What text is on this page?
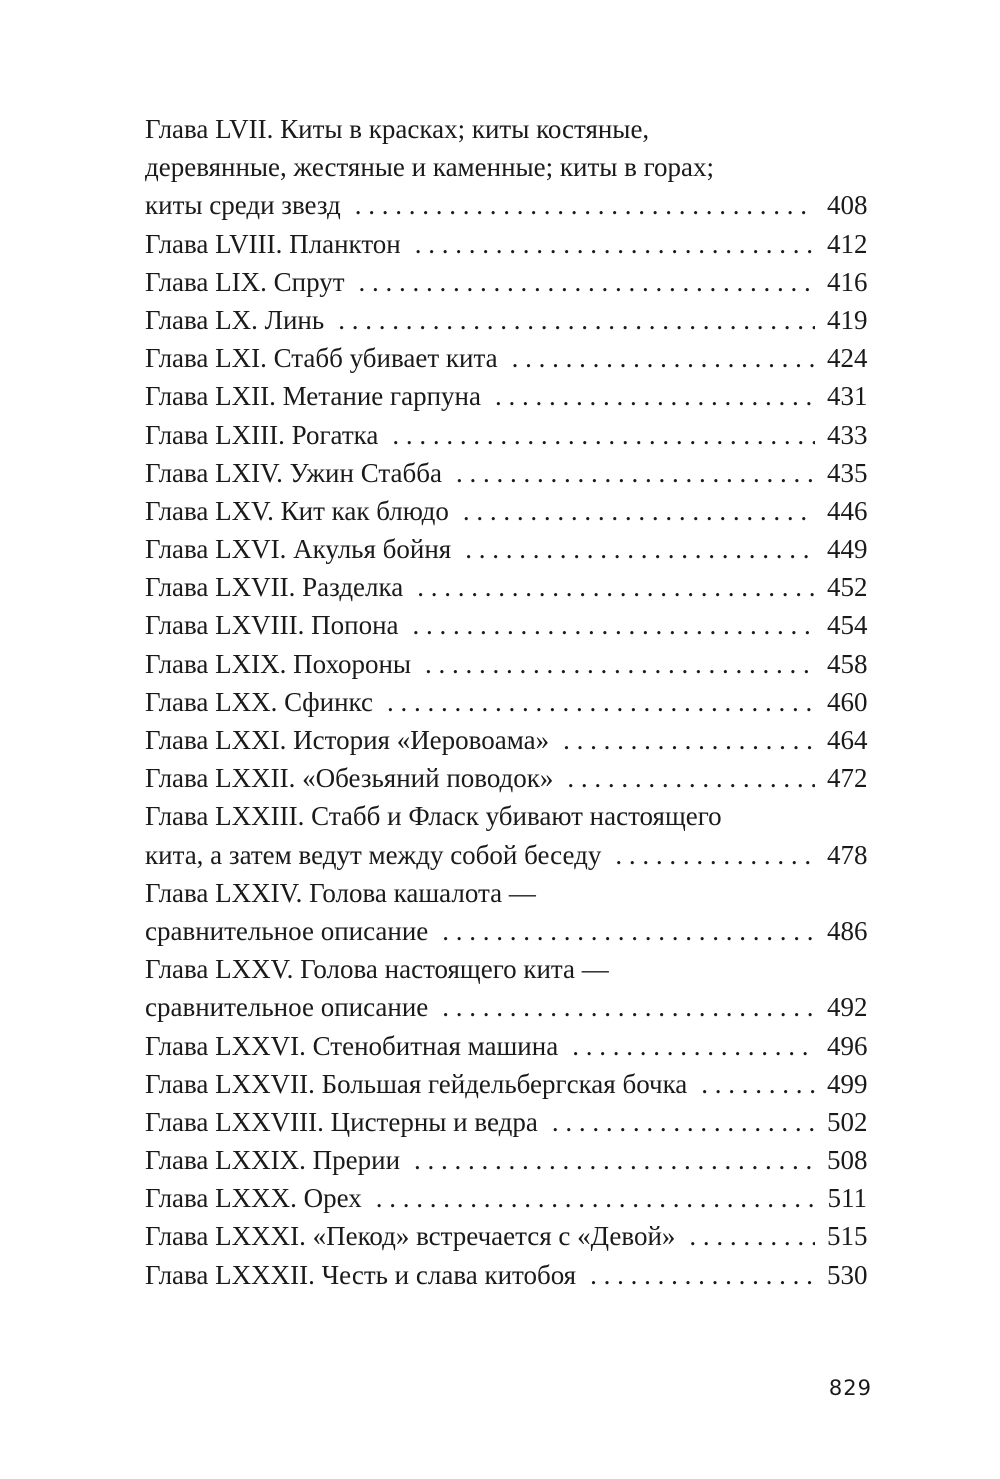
Глава LVII. Киты в красках; киты костяные,
деревянные, жестяные и каменные; киты в горах;
киты среди звезд . . .	408
Глава LVIII. Планктон . . .	412
Глава LIX. Спрут . . .	416
Глава LX. Линь . . .	419
Глава LXI. Стабб убивает кита . . .	424
Глава LXII. Метание гарпуна . . .	431
Глава LXIII. Рогатка . . .	433
Глава LXIV. Ужин Стабба . . .	435
Глава LXV. Кит как блюдо . . .	446
Глава LXVI. Акулья бойня . . .	449
Глава LXVII. Разделка . . .	452
Глава LXVIII. Попона . . .	454
Глава LXIX. Похороны . . .	458
Глава LXX. Сфинкс . . .	460
Глава LXXI. История «Иеровоама» . . .	464
Глава LXXII. «Обезьяний поводок» . . .	472
Глава LXXIII. Стабб и Фласк убивают настоящего
кита, а затем ведут между собой беседу . . .	478
Глава LXXIV. Голова кашалота —
сравнительное описание . . .	486
Глава LXXV. Голова настоящего кита —
сравнительное описание . . .	492
Глава LXXVI. Стенобитная машина . . .	496
Глава LXXVII. Большая гейдельбергская бочка . . .	499
Глава LXXVIII. Цистерны и ведра . . .	502
Глава LXXIX. Прерии . . .	508
Глава LXXX. Орех . . .	511
Глава LXXXI. «Пекод» встречается с «Девой» . . .	515
Глава LXXXII. Честь и слава китобоя . . .	530
829
